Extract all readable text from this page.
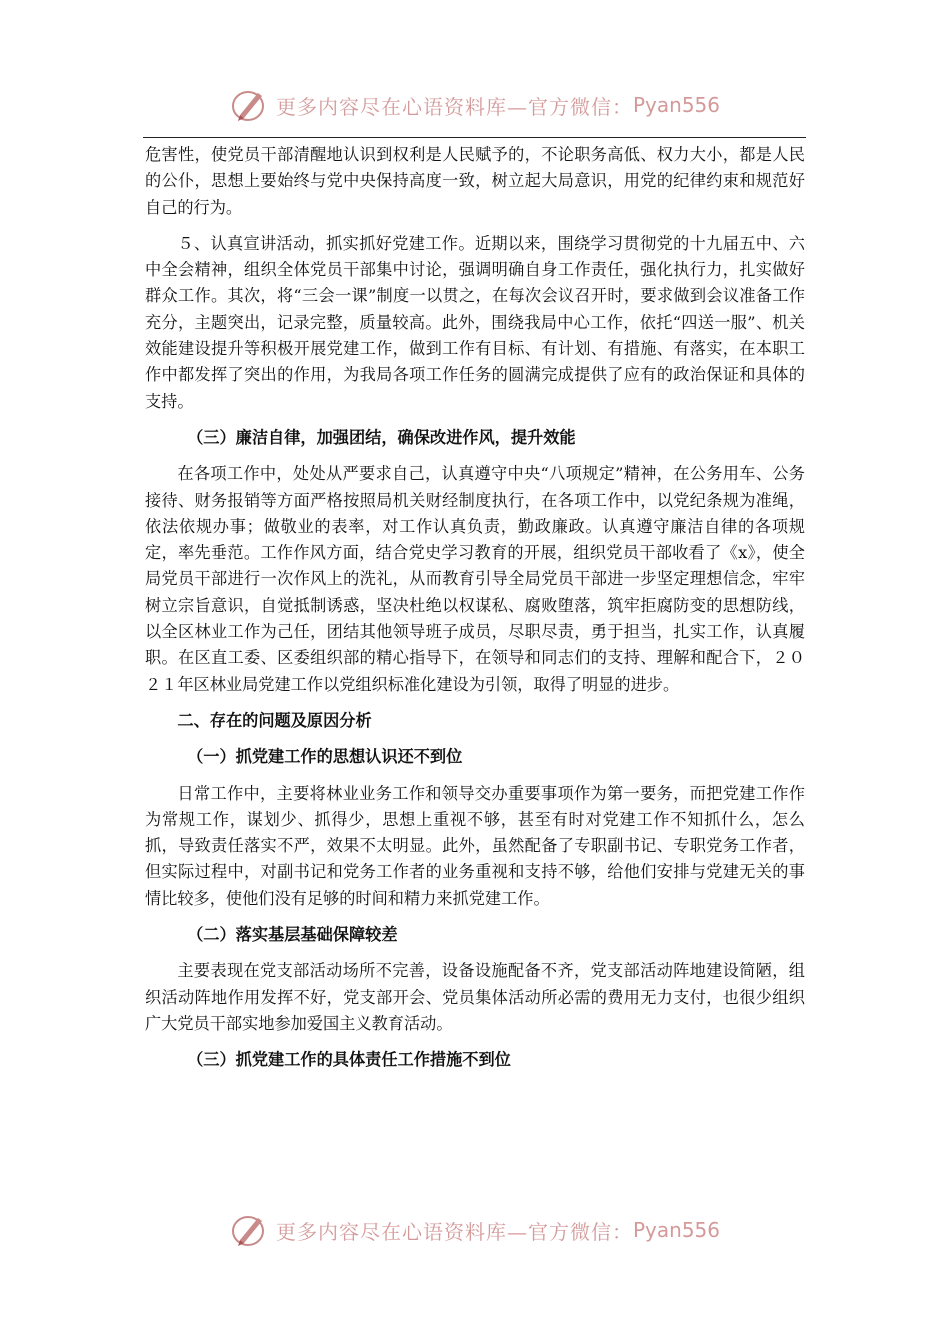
更多内容尽在心语资料库—官方微信： Pyan556

危害性，使党员干部清醒地认识到权利是人民赋予的，不论职务高低、权力大小，都是人民的公仆，思想上要始终与党中央保持高度一致，树立起大局意识，用党的纪律约束和规范好自己的行为。

５、认真宣讲活动，抓实抓好党建工作。近期以来，围绕学习贯彻党的十九届五中、六中全会精神，组织全体党员干部集中讨论，强调明确自身工作责任，强化执行力，扎实做好群众工作。其次，将“三会一课”制度一以贯之，在每次会议召开时，要求做到会议准备工作充分，主题突出，记录完整，质量较高。此外，围绕我局中心工作，依托“四送一服”、机关效能建设提升等积极开展党建工作，做到工作有目标、有计划、有措施、有落实，在本职工作中都发挥了突出的作用，为我局各项工作任务的圆满完成提供了应有的政治保证和具体的支持。

（三）廉洁自律，加强团结，确保改进作风，提升效能

在各项工作中，处处从严要求自己，认真遵守中央“八项规定”精神，在公务用车、公务接待、财务报销等方面严格按照局机关财经制度执行，在各项工作中，以党纪条规为准绳，依法依规办事；做敬业的表率，对工作认真负责，勤政廉政。认真遵守廉洁自律的各项规定，率先垂范。工作作风方面，结合党史学习教育的开展，组织党员干部收看了《x》，使全局党员干部进行一次作风上的洗礼，从而教育引导全局党员干部进一步坚定理想信念，牢牢树立宗旨意识，自觉抵制诱惑，坚决杜绝以权谋私、腐败堕落，筑牢拒腐防变的思想防线，以全区林业工作为己任，团结其他领导班子成员，尽职尽责，勇于担当，扎实工作，认真履职。在区直工委、区委组织部的精心指导下，在领导和同志们的支持、理解和配合下，２０２１年区林业局党建工作以党组织标准化建设为引领，取得了明显的进步。

二、存在的问题及原因分析
（一）抓党建工作的思想认识还不到位

日常工作中，主要将林业业务工作和领导交办重要事项作为第一要务，而把党建工作作为常规工作，谋划少、抓得少，思想上重视不够，甚至有时对党建工作不知抓什么，怎么抓，导致责任落实不严，效果不太明显。此外，虽然配备了专职副书记、专职党务工作者，但实际过程中，对副书记和党务工作者的业务重视和支持不够，给他们安排与党建无关的事情比较多，使他们没有足够的时间和精力来抓党建工作。

（二）落实基层基础保障较差

主要表现在党支部活动场所不完善，设备设施配备不齐，党支部活动阵地建设简陋，组织活动阵地作用发挥不好，党支部开会、党员集体活动所必需的费用无力支付，也很少组织广大党员干部实地参加爱国主义教育活动。

（三）抓党建工作的具体责任工作措施不到位
更多内容尽在心语资料库—官方微信： Pyan556
